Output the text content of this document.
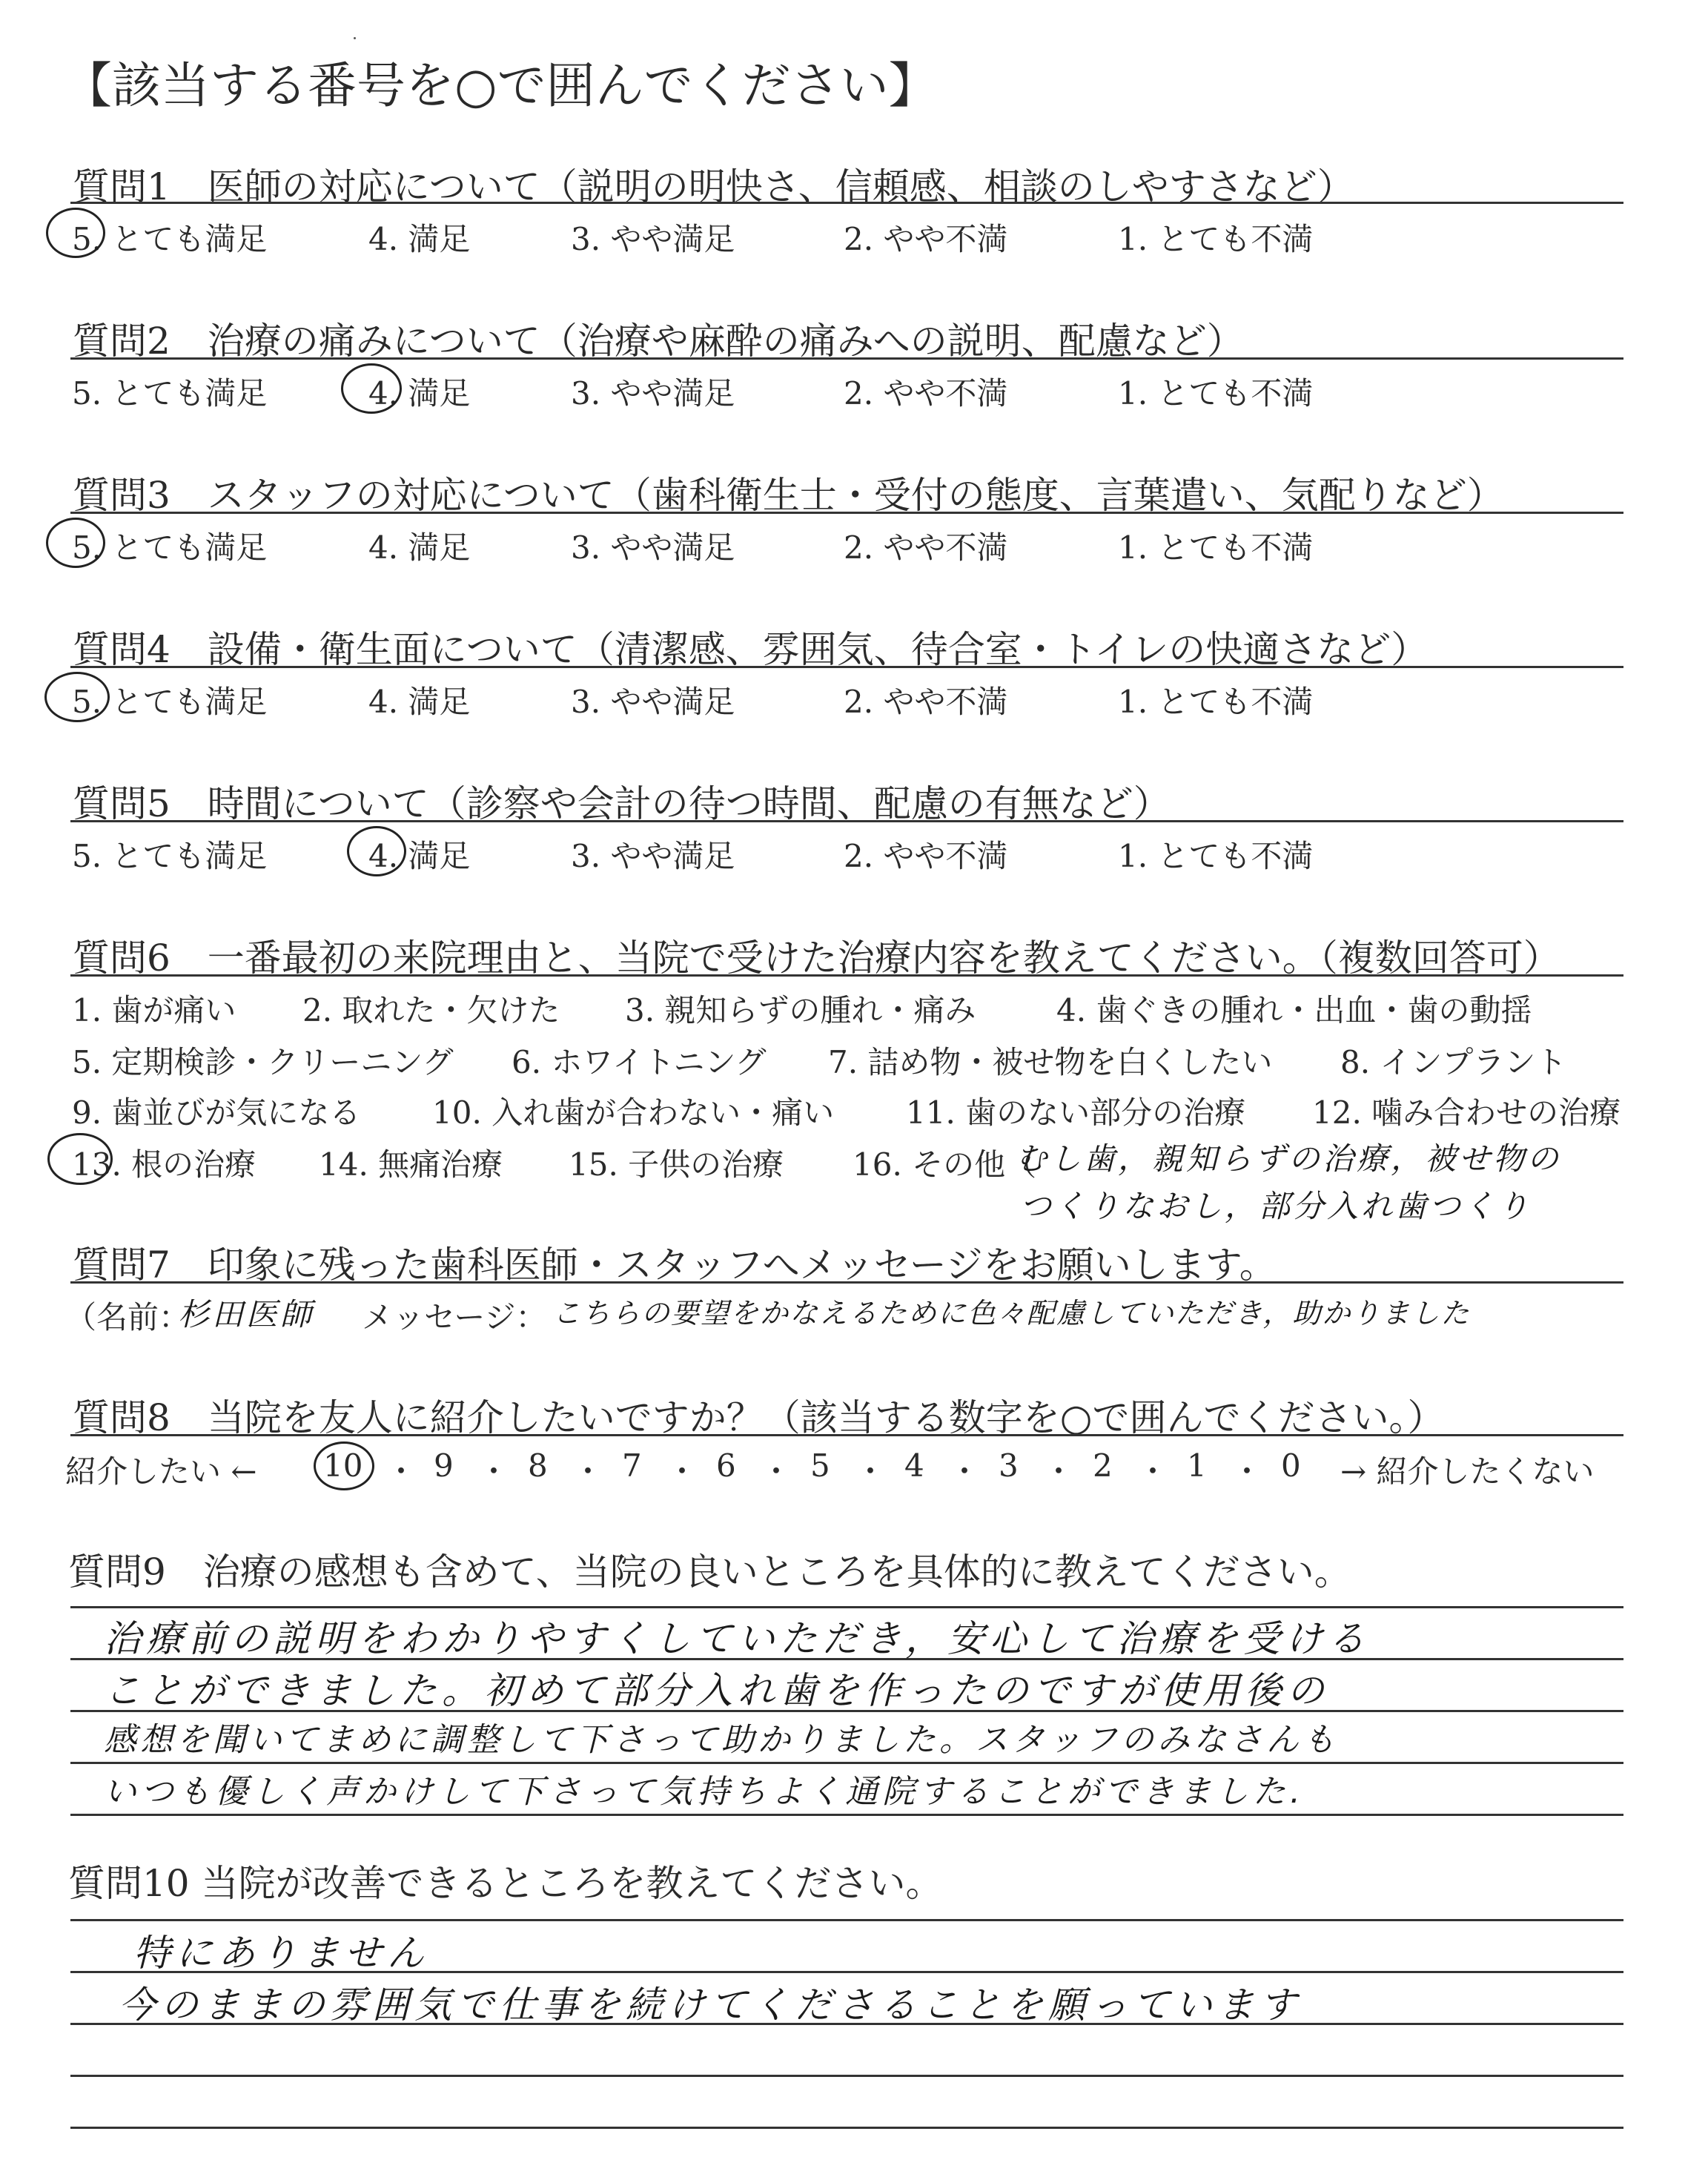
【該当する番号を○で囲んでください】
質問1　医師の対応について（説明の明快さ、信頼感、相談のしやすさなど）
5. とても満足	4. 満足	3. やや満足	2. やや不満	1. とても不満
質問2　治療の痛みについて（治療や麻酔の痛みへの説明、配慮など）
5. とても満足	4. 満足	3. やや満足	2. やや不満	1. とても不満
質問3　スタッフの対応について（歯科衛生士・受付の態度、言葉遣い、気配りなど）
5. とても満足	4. 満足	3. やや満足	2. やや不満	1. とても不満
質問4　設備・衛生面について（清潔感、雰囲気、待合室・トイレの快適さなど）
5. とても満足	4. 満足	3. やや満足	2. やや不満	1. とても不満
質問5　時間について（診察や会計の待つ時間、配慮の有無など）
5. とても満足	4. 満足	3. やや満足	2. やや不満	1. とても不満
質問6　一番最初の来院理由と、当院で受けた治療内容を教えてください。（複数回答可）
1. 歯が痛い 2. 取れた・欠けた 3. 親知らずの腫れ・痛み	4. 歯ぐきの腫れ・出血・歯の動揺
5. 定期検診・クリーニング 6. ホワイトニング 7. 詰め物・被せ物を白くしたい 8. インプラント
9. 歯並びが気になる 10. 入れ歯が合わない・痛い 11. 歯のない部分の治療 12. 噛み合わせの治療
13. 根の治療 14. 無痛治療 15. 子供の治療 16. その他（
むし歯，親知らずの治療，被せ物の
つくりなおし，部分入れ歯つくり
質問7　印象に残った歯科医師・スタッフへメッセージをお願いします。
（名前：
杉田医師 メッセージ： こちらの要望をかなえるために色々配慮していただき，助かりました
質問8　当院を友人に紹介したいですか？（該当する数字を○で囲んでください。）
紹介したい ← 10 ・ 9 ・ 8 ・ 7 ・ 6 ・ 5 ・ 4 ・ 3 ・ 2 ・ 1 ・ 0 → 紹介したくない
質問9　治療の感想も含めて、当院の良いところを具体的に教えてください。
治療前の説明をわかりやすくしていただき，安心して治療を受ける
ことができました。初めて部分入れ歯を作ったのですが使用後の
感想を聞いてまめに調整して下さって助かりました。スタッフのみなさんも
いつも優しく声かけして下さって気持ちよく通院することができました.
質問10 当院が改善できるところを教えてください。
特にありません
今のままの雰囲気で仕事を続けてくださることを願っています
